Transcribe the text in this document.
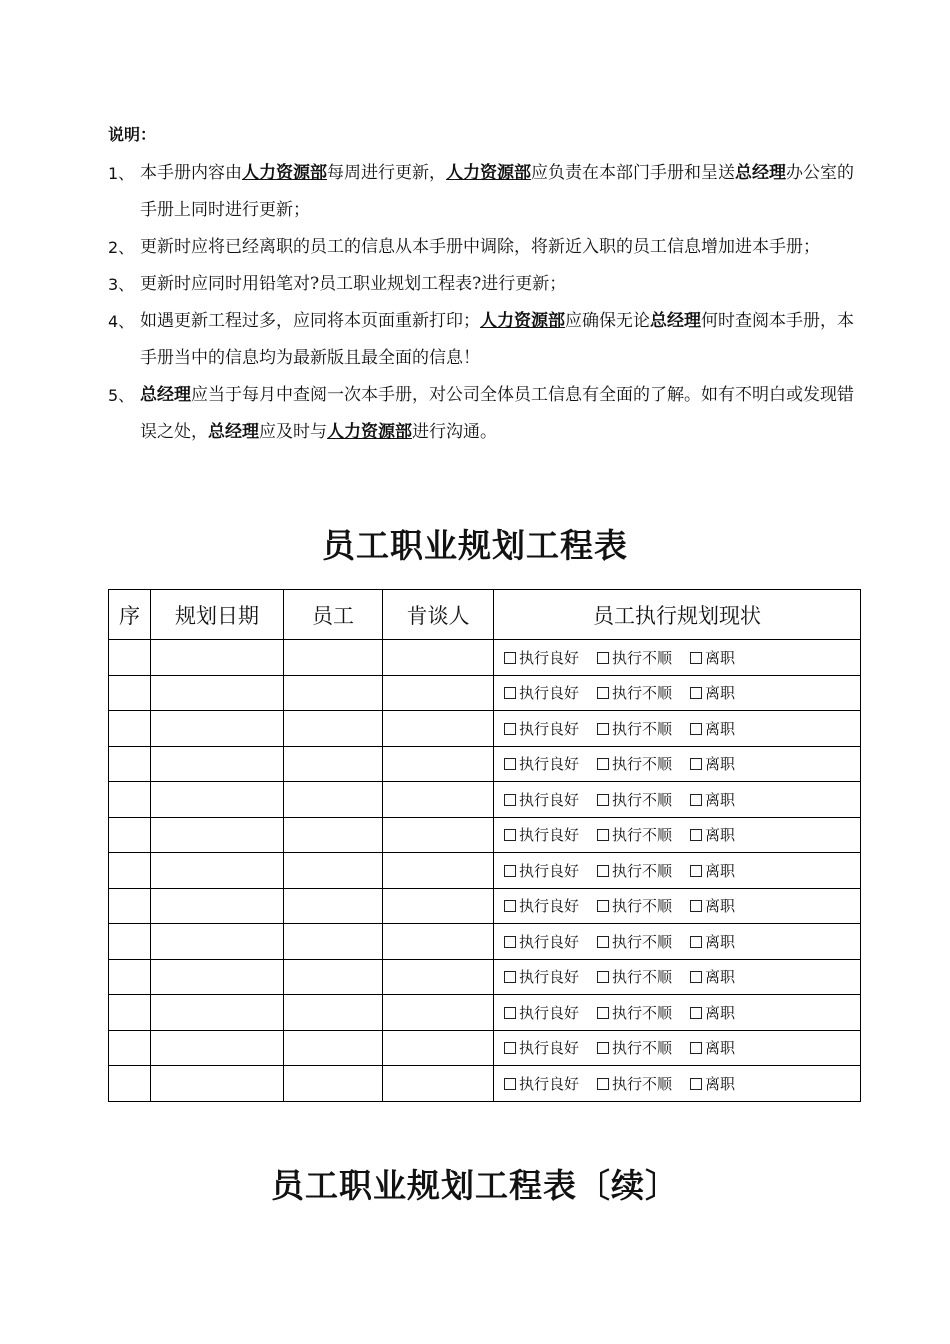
说明：

1、 本手册内容由人力资源部每周进行更新，人力资源部应负责在本部门手册和呈送总经理办公室的手册上同时进行更新；

2、 更新时应将已经离职的员工的信息从本手册中调除，将新近入职的员工信息增加进本手册；

3、 更新时应同时用铅笔对?员工职业规划工程表?进行更新；

4、 如遇更新工程过多，应同将本页面重新打印；人力资源部应确保无论总经理何时查阅本手册，本手册当中的信息均为最新版且最全面的信息！

5、 总经理应当于每月中查阅一次本手册，对公司全体员工信息有全面的了解。如有不明白或发现错误之处，总经理应及时与人力资源部进行沟通。

员工职业规划工程表
序	规划日期	员工	肯谈人	员工执行规划现状
				执行良好 执行不顺 离职
				执行良好 执行不顺 离职
				执行良好 执行不顺 离职
				执行良好 执行不顺 离职
				执行良好 执行不顺 离职
				执行良好 执行不顺 离职
				执行良好 执行不顺 离职
				执行良好 执行不顺 离职
				执行良好 执行不顺 离职
				执行良好 执行不顺 离职
				执行良好 执行不顺 离职
				执行良好 执行不顺 离职
				执行良好 执行不顺 离职
员工职业规划工程表〔续〕
